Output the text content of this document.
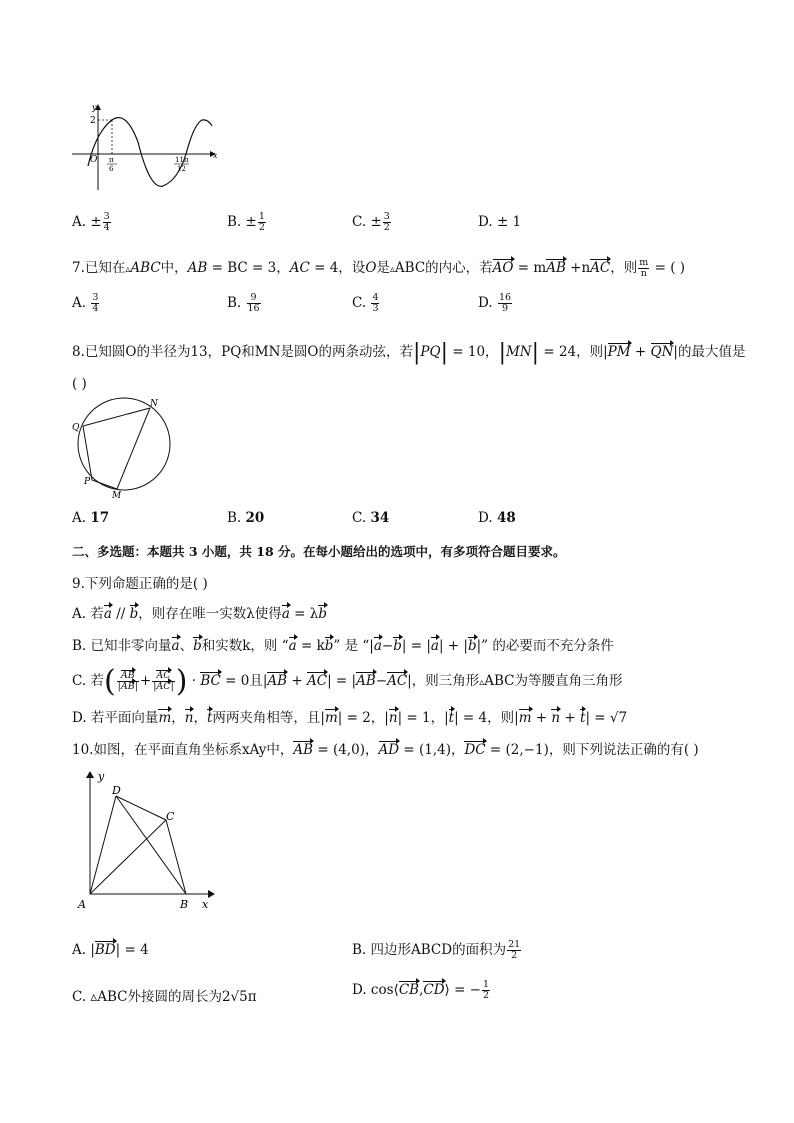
y
x
2
O π
6
11π
12
A. ± $\frac{3}{4}$	B. ± $\frac{1}{2}$	C. ± $\frac{3}{2}$	D. ± 1
7.已知在▵ABC中，AB = BC = 3，AC = 4，设O是▵ABC的内心，若AO = mAB +nAC，则 $\frac{m}{n}$ = ( )
A. $\frac{3}{4}$	B. $\frac{9}{16}$	C. $\frac{4}{3}$	D. $\frac{16}{9}$
8.已知圆O的半径为13，PQ和MN是圆O的两条动弦，若|PQ| = 10，|MN| = 24，则|PM + QN|的最大值是
( )
Q
N
P
M
A. 17	B. 20	C. 34	D. 48
二、多选题：本题共 3 小题，共 18 分。在每小题给出的选项中，有多项符合题目要求。
9.下列命题正确的是( )
A. 若a // b，则存在唯一实数λ使得a = λb
B. 已知非零向量a、b和实数k，则 “a = kb” 是 “|a−b| = |a| + |b|” 的必要而不充分条件
C. 若( $\frac{AB}{|AB|} + \frac{AC}{|AC|}$ ) · BC = 0且|AB + AC| = |AB−AC|，则三角形▵ABC为等腰直角三角形
D. 若平面向量m，n，t两两夹角相等，且|m| = 2，|n| = 1，|t| = 4，则|m + n + t| = √7
10.如图，在平面直角坐标系xAy中，AB = (4,0)，AD = (1,4)，DC = (2,−1)，则下列说法正确的有( )
y
x
A	B
C
D
A. |BD| = 4	B. 四边形ABCD的面积为 $\frac{21}{2}$
C. ▵ABC外接圆的周长为2√5π	D. cos⟨CB,CD⟩ = − $\frac{1}{2}$
